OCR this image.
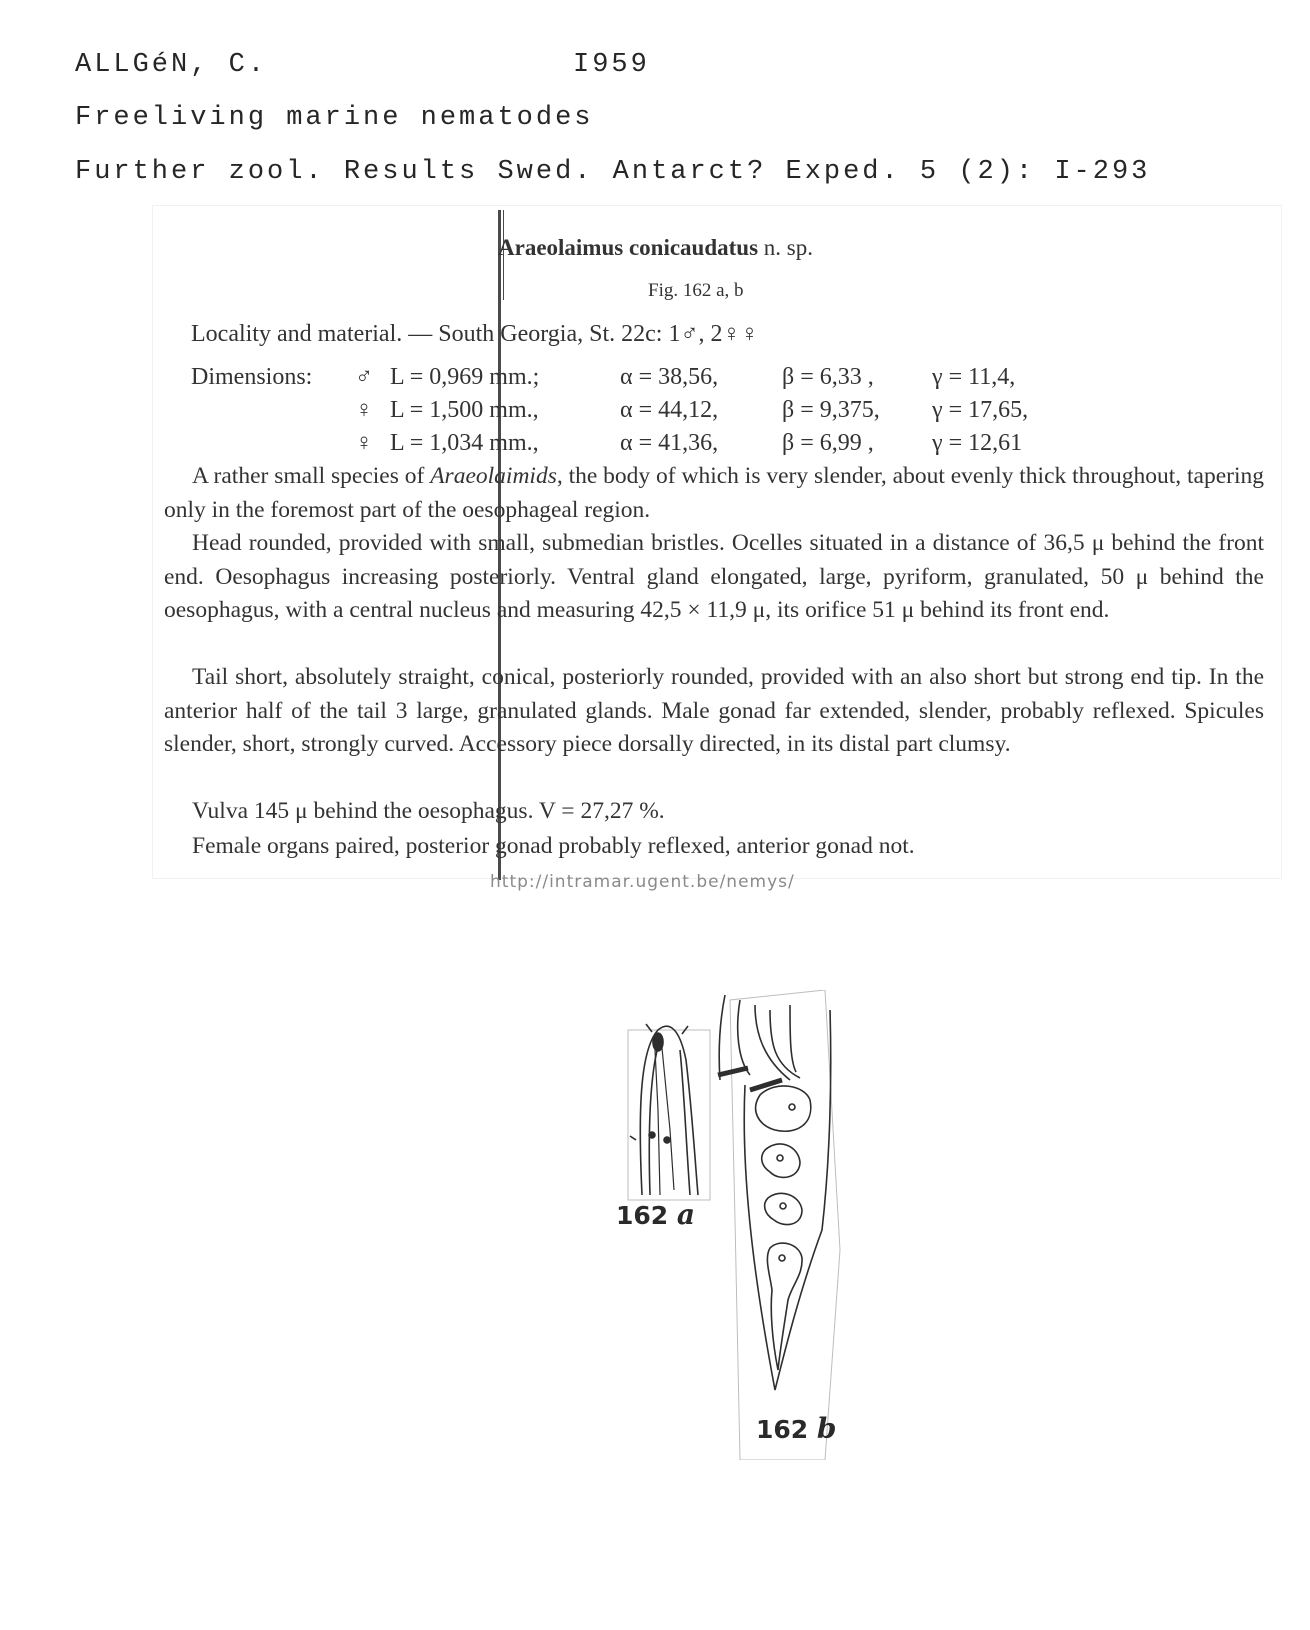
ALLGéN, C.	I959
Freeliving marine nematodes
Further zool. Results Swed. Antarct? Exped. 5 (2): I-293
Araeolaimus conicaudatus n. sp.
Fig. 162 a, b
Locality and material. — South Georgia, St. 22c: 1♂, 2♀♀
Dimensions: ♂ L = 0,969 mm.;	α = 38,56,	β = 6,33 , γ = 11,4,
♀ L = 1,500 mm.,	α = 44,12,	β = 9,375, γ = 17,65,
♀ L = 1,034 mm.,	α = 41,36,	β = 6,99 , γ = 12,61
A rather small species of Araeolaimids, the body of which is very slender, about evenly thick throughout, tapering only in the foremost part of the oesophageal region.
Head rounded, provided with small, submedian bristles. Ocelles situated in a distance of 36,5 μ behind the front end. Oesophagus increasing posteriorly. Ventral gland elongated, large, pyriform, granulated, 50 μ behind the oesophagus, with a central nucleus and measuring 42,5 × 11,9 μ, its orifice 51 μ behind its front end.
Tail short, absolutely straight, conical, posteriorly rounded, provided with an also short but strong end tip. In the anterior half of the tail 3 large, granulated glands. Male gonad far extended, slender, probably reflexed. Spicules slender, short, strongly curved. Accessory piece dorsally directed, in its distal part clumsy.
Vulva 145 μ behind the oesophagus. V = 27,27 %.
Female organs paired, posterior gonad probably reflexed, anterior gonad not.
http://intramar.ugent.be/nemys/
162 a
162 b
